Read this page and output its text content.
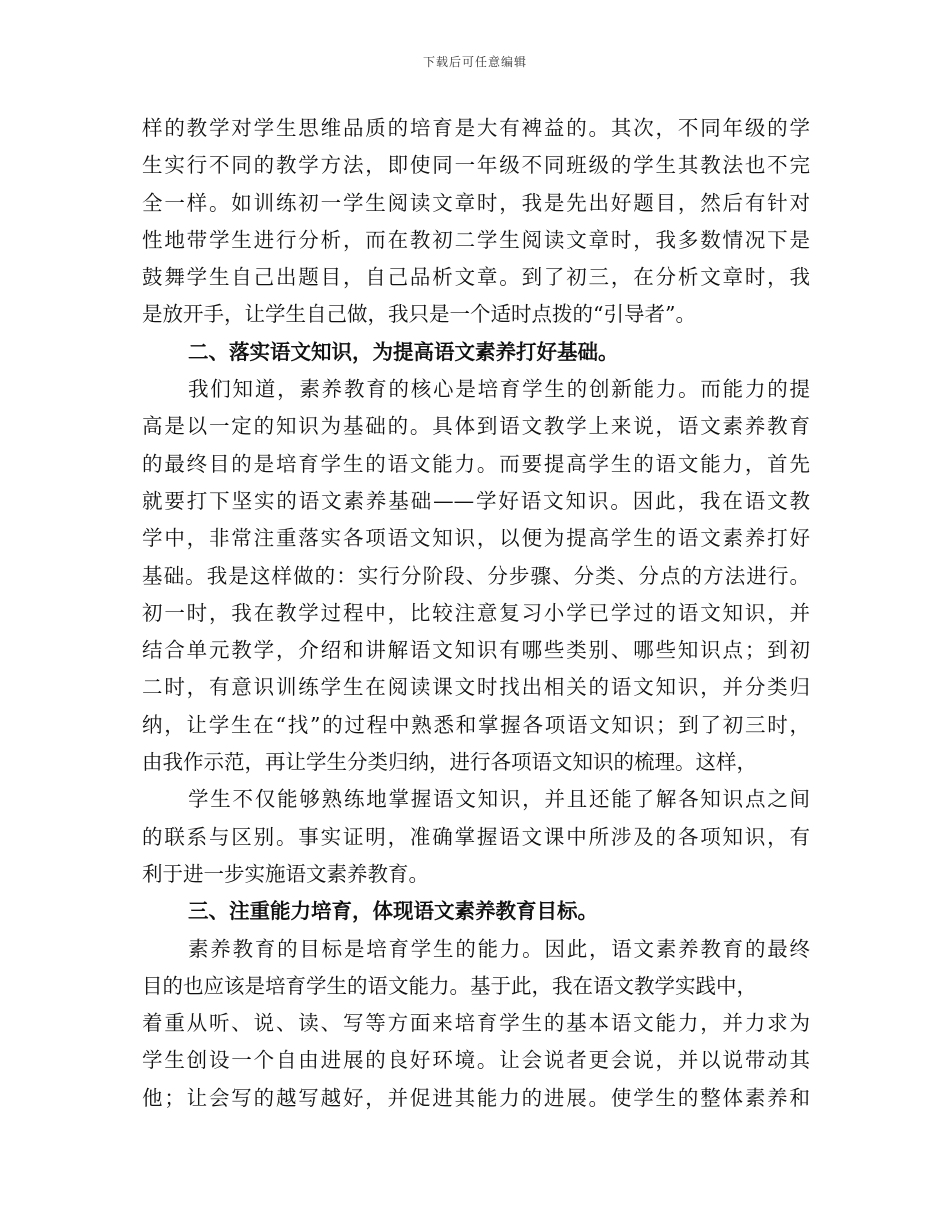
下载后可任意编辑
样的教学对学生思维品质的培育是大有裨益的。其次，不同年级的学
生实行不同的教学方法，即使同一年级不同班级的学生其教法也不完
全一样。如训练初一学生阅读文章时，我是先出好题目，然后有针对
性地带学生进行分析，而在教初二学生阅读文章时，我多数情况下是
鼓舞学生自己出题目，自己品析文章。到了初三，在分析文章时，我
是放开手，让学生自己做，我只是一个适时点拨的“引导者”。
二、落实语文知识，为提高语文素养打好基础。
我们知道，素养教育的核心是培育学生的创新能力。而能力的提
高是以一定的知识为基础的。具体到语文教学上来说，语文素养教育
的最终目的是培育学生的语文能力。而要提高学生的语文能力，首先
就要打下坚实的语文素养基础——学好语文知识。因此，我在语文教
学中，非常注重落实各项语文知识，以便为提高学生的语文素养打好
基础。我是这样做的：实行分阶段、分步骤、分类、分点的方法进行。
初一时，我在教学过程中，比较注意复习小学已学过的语文知识，并
结合单元教学，介绍和讲解语文知识有哪些类别、哪些知识点；到初
二时，有意识训练学生在阅读课文时找出相关的语文知识，并分类归
纳，让学生在“找”的过程中熟悉和掌握各项语文知识；到了初三时，
由我作示范，再让学生分类归纳，进行各项语文知识的梳理。这样，
学生不仅能够熟练地掌握语文知识，并且还能了解各知识点之间
的联系与区别。事实证明，准确掌握语文课中所涉及的各项知识，有
利于进一步实施语文素养教育。
三、注重能力培育，体现语文素养教育目标。
素养教育的目标是培育学生的能力。因此，语文素养教育的最终
目的也应该是培育学生的语文能力。基于此，我在语文教学实践中，
着重从听、说、读、写等方面来培育学生的基本语文能力，并力求为
学生创设一个自由进展的良好环境。让会说者更会说，并以说带动其
他；让会写的越写越好，并促进其能力的进展。使学生的整体素养和
